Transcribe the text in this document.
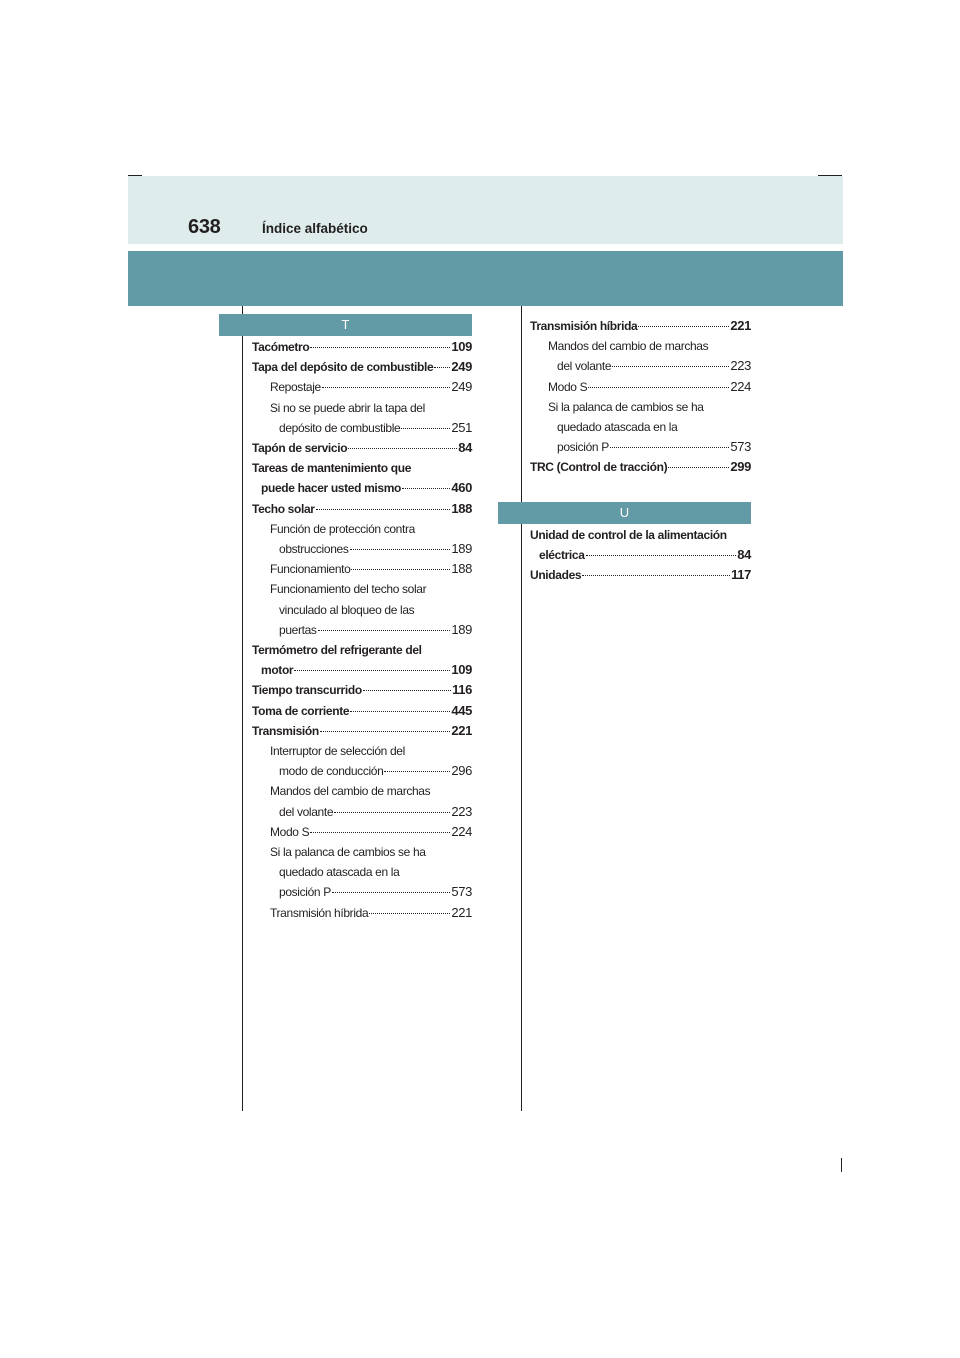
638	Índice alfabético
T
Tacómetro	109
Tapa del depósito de combustible 249
Repostaje	249
Si no se puede abrir la tapa del
depósito de combustible	251
Tapón de servicio	84
Tareas de mantenimiento que
puede hacer usted mismo	460
Techo solar	188
Función de protección contra
obstrucciones	189
Funcionamiento	188
Funcionamiento del techo solar
vinculado al bloqueo de las
puertas	189
Termómetro del refrigerante del
motor	109
Tiempo transcurrido	116
Toma de corriente	445
Transmisión	221
Interruptor de selección del
modo de conducción	296
Mandos del cambio de marchas
del volante	223
Modo S	224
Si la palanca de cambios se ha
quedado atascada en la
posición P	573
Transmisión híbrida	221
Transmisión híbrida	221
Mandos del cambio de marchas
del volante	223
Modo S	224
Si la palanca de cambios se ha
quedado atascada en la
posición P	573
TRC (Control de tracción)	299
U
Unidad de control de la alimentación
eléctrica	84
Unidades	117
